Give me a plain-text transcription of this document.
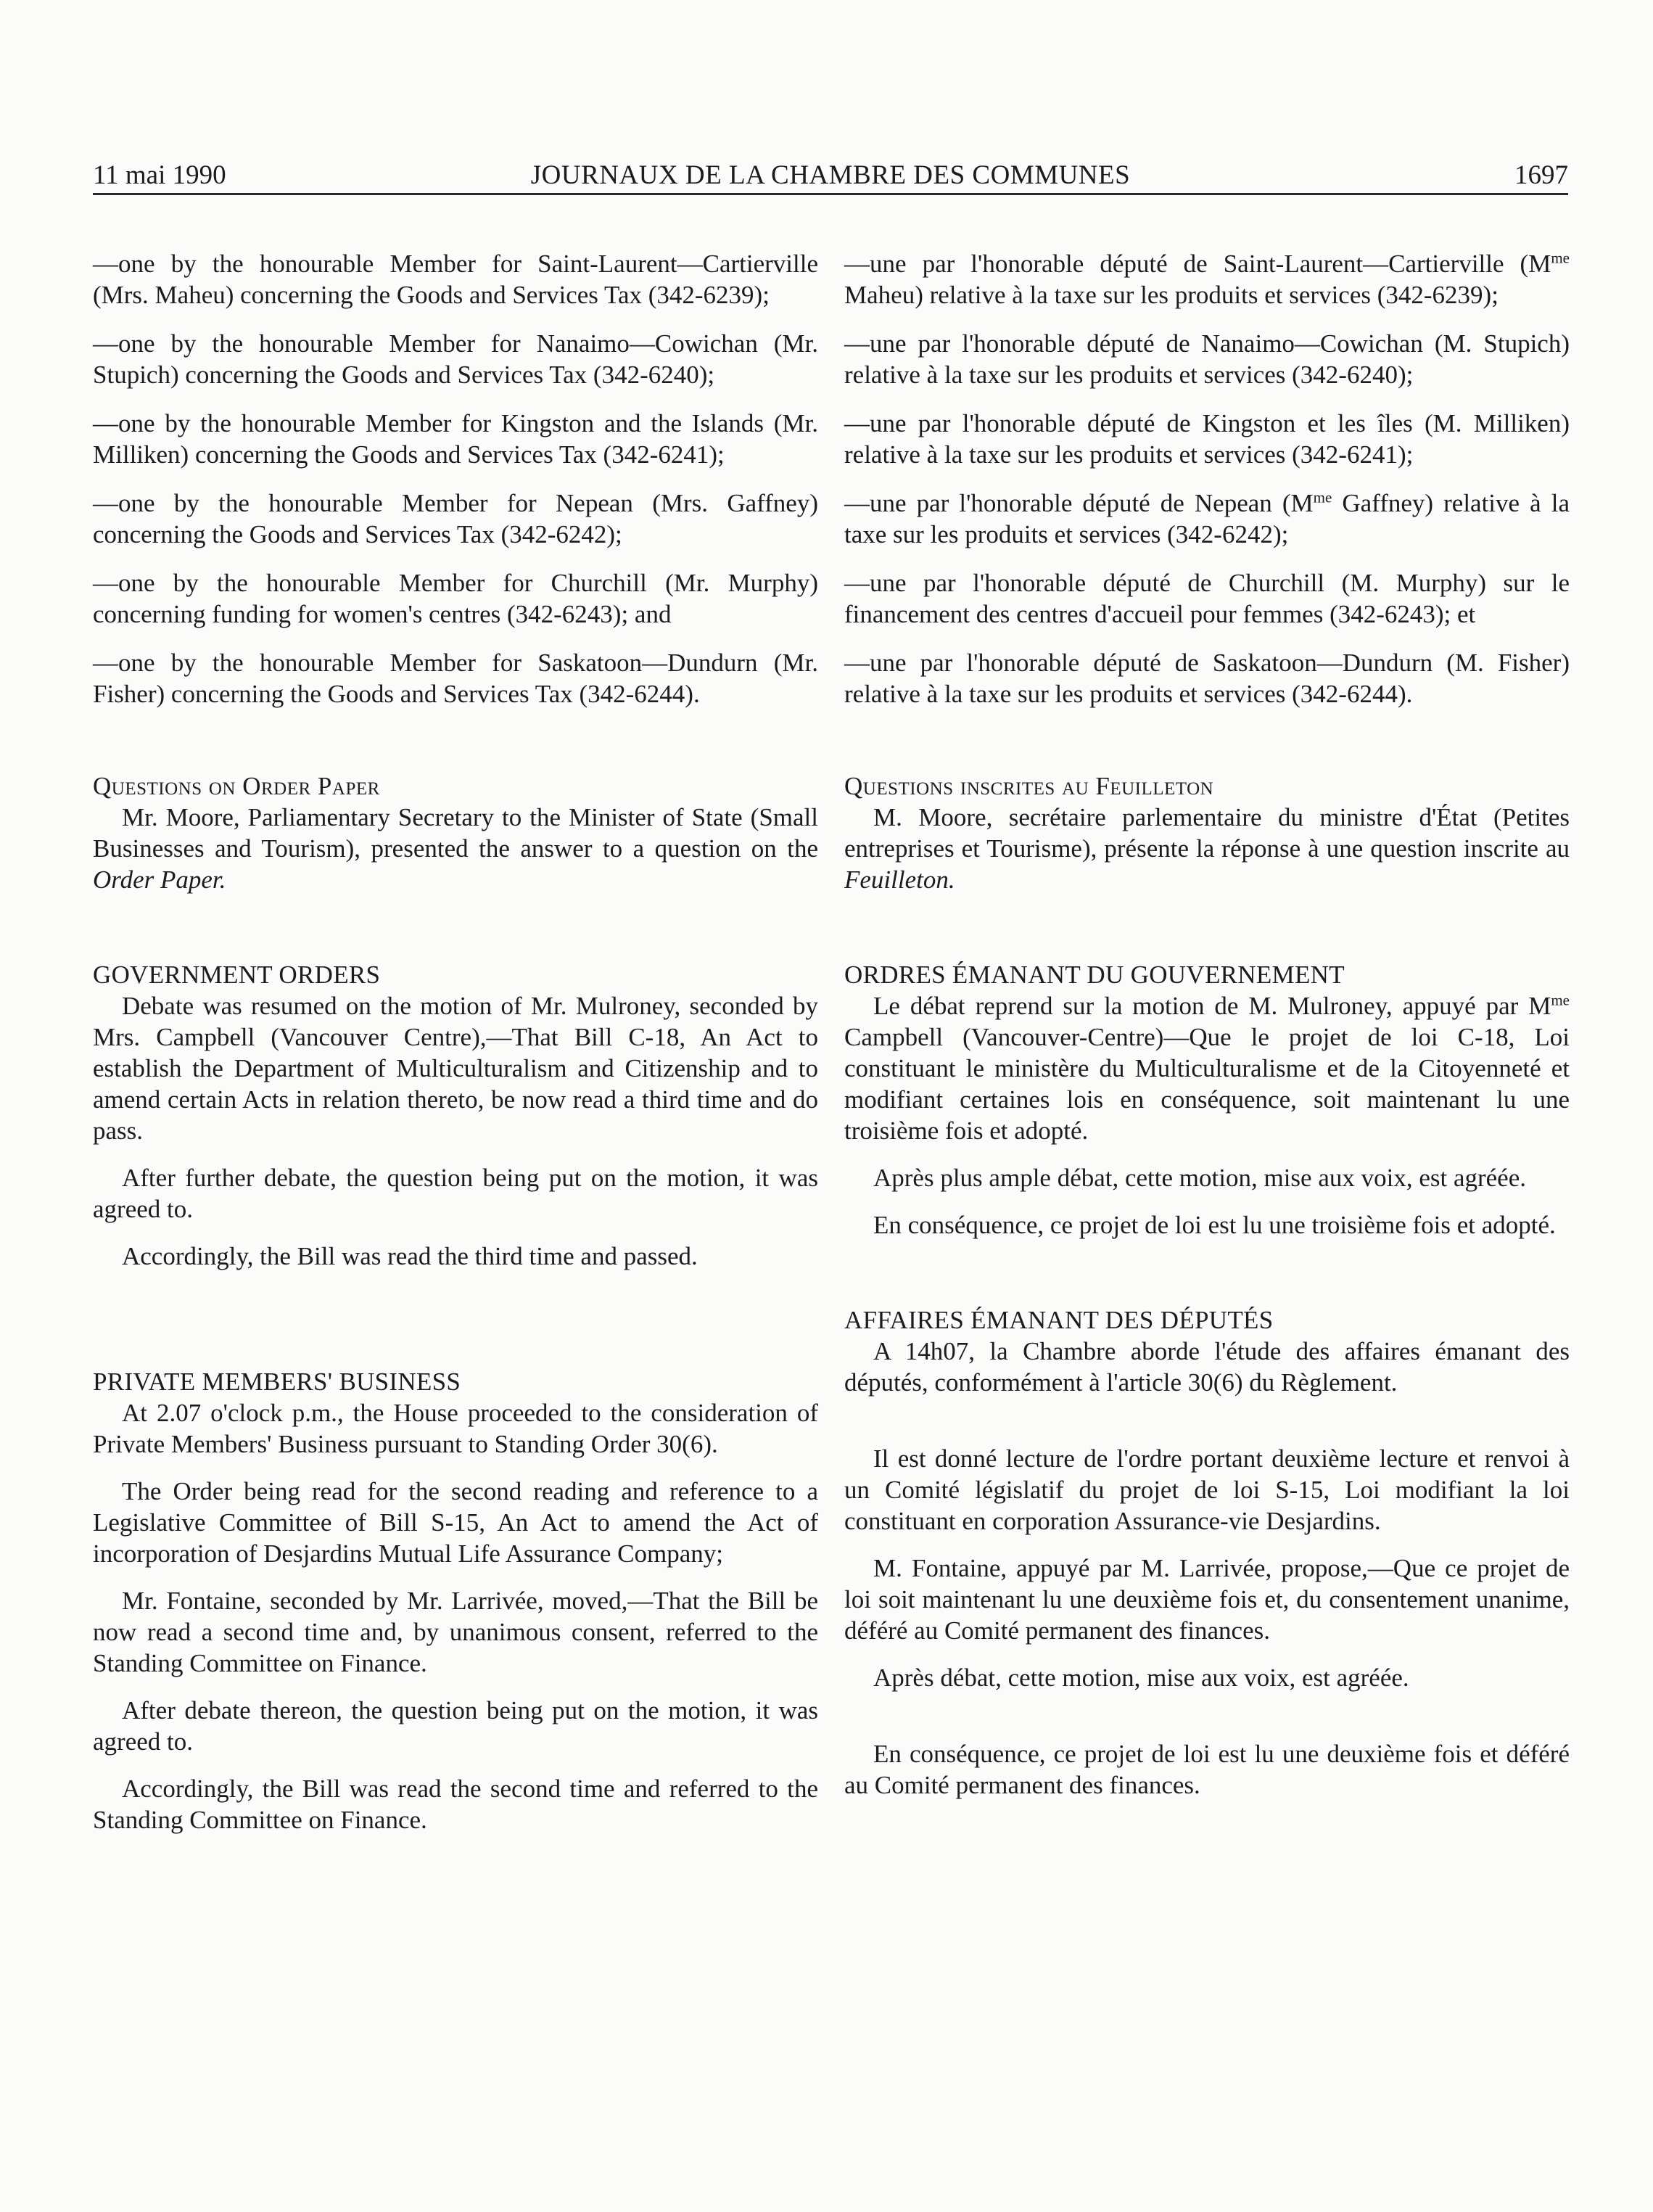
11 mai 1990	JOURNAUX DE LA CHAMBRE DES COMMUNES	1697

—one by the honourable Member for Saint-Laurent—Cartierville (Mrs. Maheu) concerning the Goods and Services Tax (342-6239);

—one by the honourable Member for Nanaimo—Cowichan (Mr. Stupich) concerning the Goods and Services Tax (342-6240);

—one by the honourable Member for Kingston and the Islands (Mr. Milliken) concerning the Goods and Services Tax (342-6241);

—one by the honourable Member for Nepean (Mrs. Gaffney) concerning the Goods and Services Tax (342-6242);

—one by the honourable Member for Churchill (Mr. Murphy) concerning funding for women's centres (342-6243); and

—one by the honourable Member for Saskatoon—Dundurn (Mr. Fisher) concerning the Goods and Services Tax (342-6244).

Questions on Order Paper

Mr. Moore, Parliamentary Secretary to the Minister of State (Small Businesses and Tourism), presented the answer to a question on the Order Paper.

GOVERNMENT ORDERS

Debate was resumed on the motion of Mr. Mulroney, seconded by Mrs. Campbell (Vancouver Centre),—That Bill C-18, An Act to establish the Department of Multiculturalism and Citizenship and to amend certain Acts in relation thereto, be now read a third time and do pass.

After further debate, the question being put on the motion, it was agreed to.

Accordingly, the Bill was read the third time and passed.

PRIVATE MEMBERS' BUSINESS

At 2.07 o'clock p.m., the House proceeded to the consideration of Private Members' Business pursuant to Standing Order 30(6).

The Order being read for the second reading and reference to a Legislative Committee of Bill S-15, An Act to amend the Act of incorporation of Desjardins Mutual Life Assurance Company;

Mr. Fontaine, seconded by Mr. Larrivée, moved,—That the Bill be now read a second time and, by unanimous consent, referred to the Standing Committee on Finance.

After debate thereon, the question being put on the motion, it was agreed to.

Accordingly, the Bill was read the second time and referred to the Standing Committee on Finance.

—une par l'honorable député de Saint-Laurent—Cartierville ($M^{me}$ Maheu) relative à la taxe sur les produits et services (342-6239);

—une par l'honorable député de Nanaimo—Cowichan (M. Stupich) relative à la taxe sur les produits et services (342-6240);

—une par l'honorable député de Kingston et les îles (M. Milliken) relative à la taxe sur les produits et services (342-6241);

—une par l'honorable député de Nepean ($M^{me}$ Gaffney) relative à la taxe sur les produits et services (342-6242);

—une par l'honorable député de Churchill (M. Murphy) sur le financement des centres d'accueil pour femmes (342-6243); et

—une par l'honorable député de Saskatoon—Dundurn (M. Fisher) relative à la taxe sur les produits et services (342-6244).

Questions inscrites au Feuilleton

M. Moore, secrétaire parlementaire du ministre d'État (Petites entreprises et Tourisme), présente la réponse à une question inscrite au Feuilleton.

ORDRES ÉMANANT DU GOUVERNEMENT

Le débat reprend sur la motion de M. Mulroney, appuyé par $M^{me}$ Campbell (Vancouver-Centre)—Que le projet de loi C-18, Loi constituant le ministère du Multiculturalisme et de la Citoyenneté et modifiant certaines lois en conséquence, soit maintenant lu une troisième fois et adopté.

Après plus ample débat, cette motion, mise aux voix, est agréée.

En conséquence, ce projet de loi est lu une troisième fois et adopté.

AFFAIRES ÉMANANT DES DÉPUTÉS

A 14h07, la Chambre aborde l'étude des affaires émanant des députés, conformément à l'article 30(6) du Règlement.

Il est donné lecture de l'ordre portant deuxième lecture et renvoi à un Comité législatif du projet de loi S-15, Loi modifiant la loi constituant en corporation Assurance-vie Desjardins.

M. Fontaine, appuyé par M. Larrivée, propose,—Que ce projet de loi soit maintenant lu une deuxième fois et, du consentement unanime, déféré au Comité permanent des finances.

Après débat, cette motion, mise aux voix, est agréée.

En conséquence, ce projet de loi est lu une deuxième fois et déféré au Comité permanent des finances.
